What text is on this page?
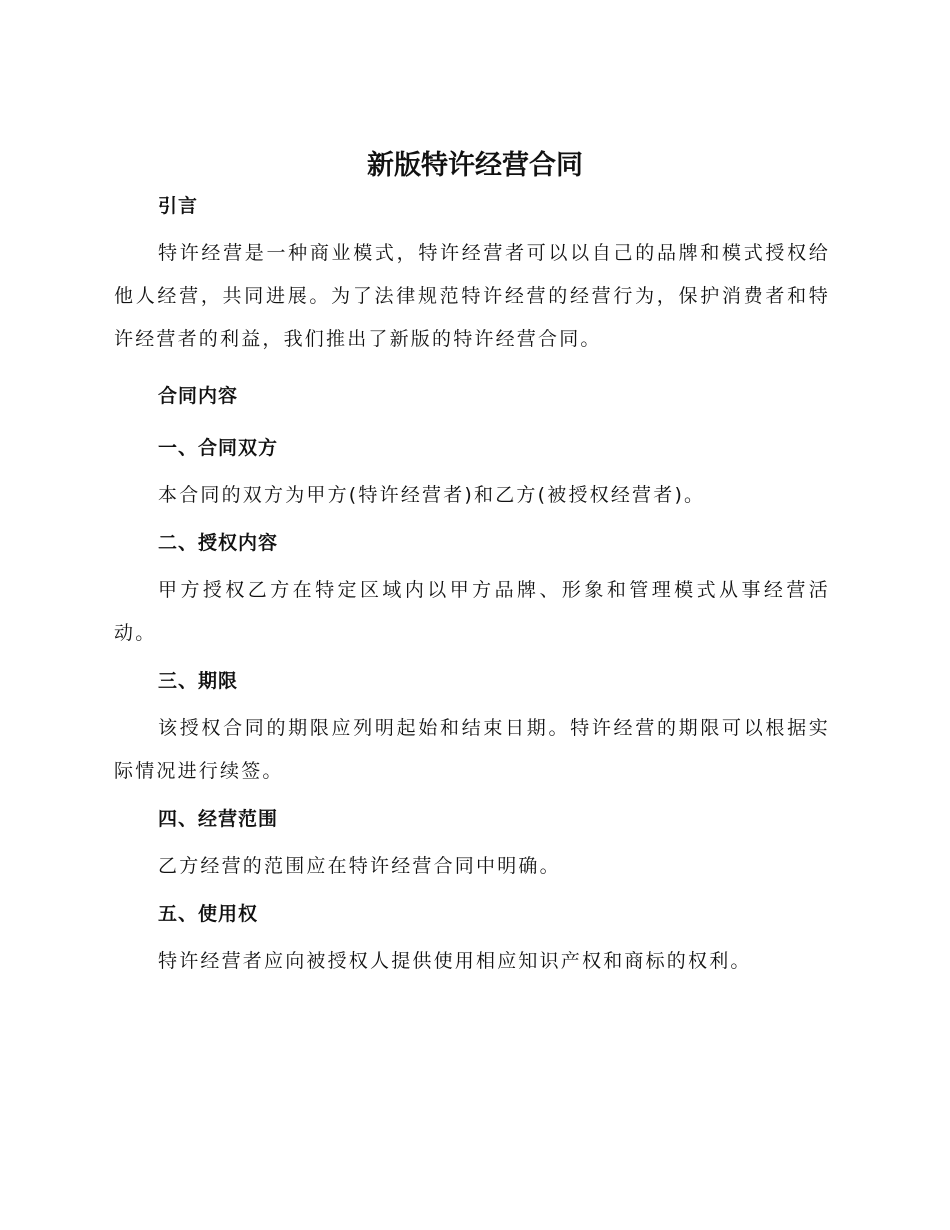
新版特许经营合同
引言

特许经营是一种商业模式，特许经营者可以以自己的品牌和模式授权给他人经营，共同进展。为了法律规范特许经营的经营行为，保护消费者和特许经营者的利益，我们推出了新版的特许经营合同。

合同内容
一、合同双方

本合同的双方为甲方(特许经营者)和乙方(被授权经营者)。

二、授权内容

甲方授权乙方在特定区域内以甲方品牌、形象和管理模式从事经营活动。

三、期限

该授权合同的期限应列明起始和结束日期。特许经营的期限可以根据实际情况进行续签。

四、经营范围

乙方经营的范围应在特许经营合同中明确。

五、使用权

特许经营者应向被授权人提供使用相应知识产权和商标的权利。
